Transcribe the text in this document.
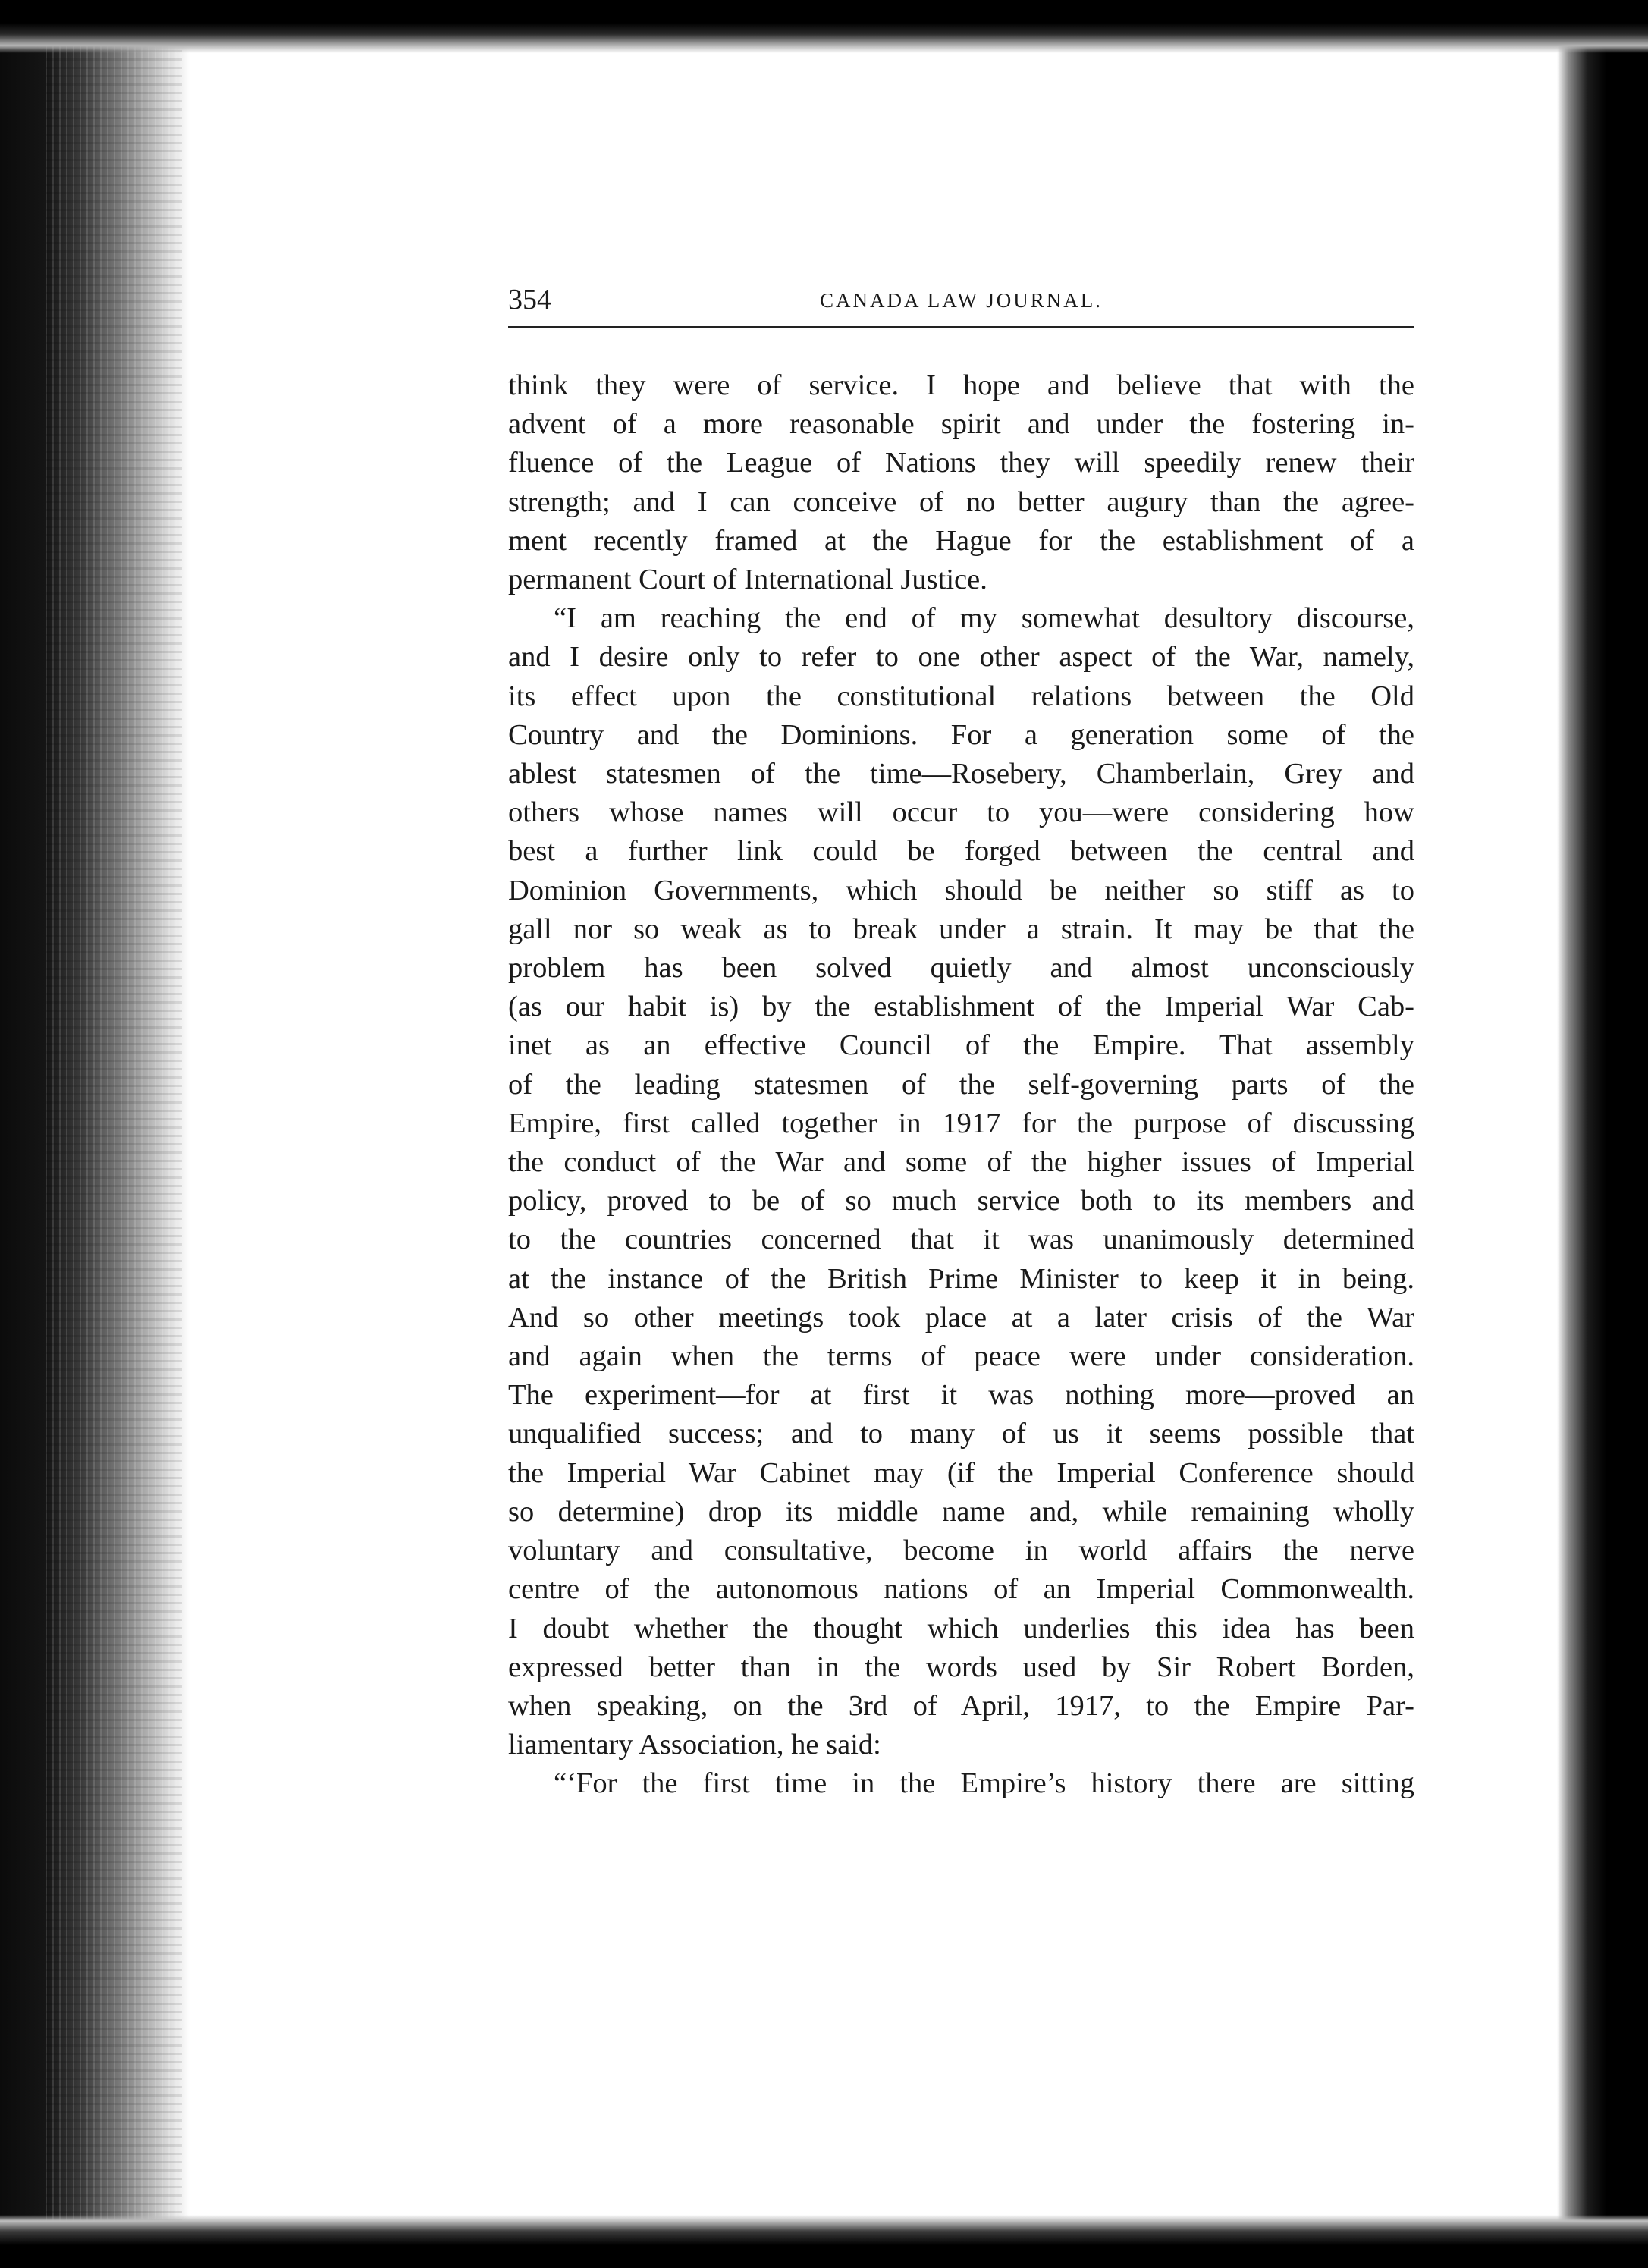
354	CANADA LAW JOURNAL.

think they were of service. I hope and believe that with the
advent of a more reasonable spirit and under the fostering in-
fluence of the League of Nations they will speedily renew their
strength; and I can conceive of no better augury than the agree-
ment recently framed at the Hague for the establishment of a
permanent Court of International Justice.

“I am reaching the end of my somewhat desultory discourse,
and I desire only to refer to one other aspect of the War, namely,
its effect upon the constitutional relations between the Old
Country and the Dominions. For a generation some of the
ablest statesmen of the time—Rosebery, Chamberlain, Grey and
others whose names will occur to you—were considering how
best a further link could be forged between the central and
Dominion Governments, which should be neither so stiff as to
gall nor so weak as to break under a strain. It may be that the
problem has been solved quietly and almost unconsciously
(as our habit is) by the establishment of the Imperial War Cab-
inet as an effective Council of the Empire. That assembly
of the leading statesmen of the self-governing parts of the
Empire, first called together in 1917 for the purpose of discussing
the conduct of the War and some of the higher issues of Imperial
policy, proved to be of so much service both to its members and
to the countries concerned that it was unanimously determined
at the instance of the British Prime Minister to keep it in being.
And so other meetings took place at a later crisis of the War
and again when the terms of peace were under consideration.
The experiment—for at first it was nothing more—proved an
unqualified success; and to many of us it seems possible that
the Imperial War Cabinet may (if the Imperial Conference should
so determine) drop its middle name and, while remaining wholly
voluntary and consultative, become in world affairs the nerve
centre of the autonomous nations of an Imperial Commonwealth.
I doubt whether the thought which underlies this idea has been
expressed better than in the words used by Sir Robert Borden,
when speaking, on the 3rd of April, 1917, to the Empire Par-
liamentary Association, he said:

“‘For the first time in the Empire’s history there are sitting
